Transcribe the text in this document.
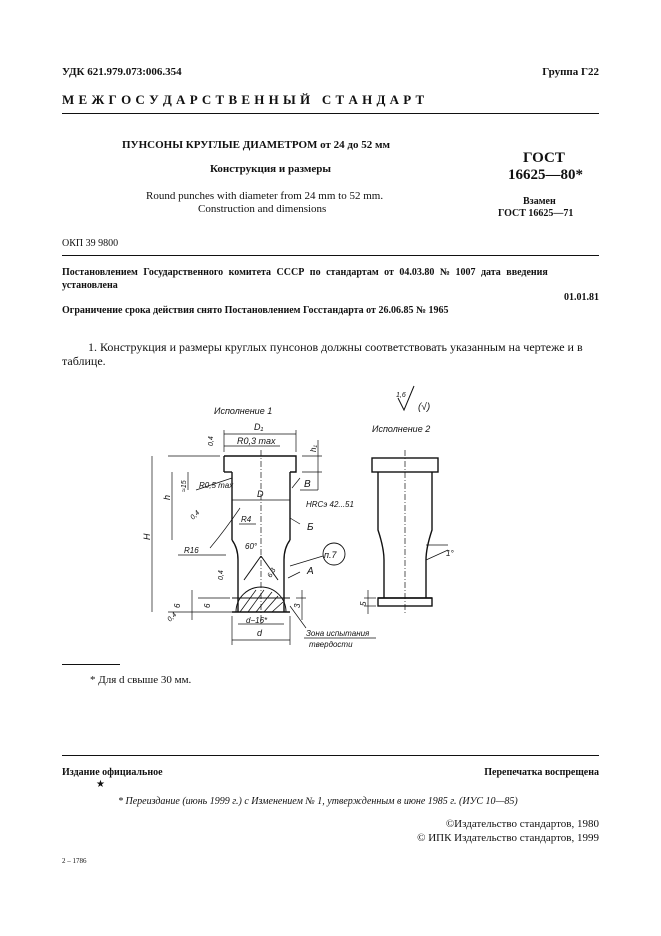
УДК 621.979.073:006.354	Группа Г22
М Е Ж Г О С У Д А Р С Т В Е Н Н Ы Й   С Т А Н Д А Р Т
ПУНСОНЫ КРУГЛЫЕ ДИАМЕТРОМ от 24 до 52 мм
Конструкция и размеры
Round punches with diameter from 24 mm to 52 mm.
Construction and dimensions
ГОСТ
16625—80*
Взамен
ГОСТ 16625—71
ОКП 39 9800
Постановлением Государственного комитета СССР по стандартам от 04.03.80 № 1007 дата введения
установлена
01.01.81
Ограничение срока действия снято Постановлением Госстандарта от 26.06.85 № 1965
1. Конструкция и размеры круглых пунсонов должны соответствовать указанным на чертеже и в
таблице.
Исполнение 1
D₁
R0,3 max
0,4
h₁
H
h
≈15 R0,5 max
0,4
R16
D
R4
60°
6,3
0,4
6	6	3
0,4	d−16*
d
В
HRCэ 42...51
Б
п.7
А
Зона испытания
твердости
1,6
(√)
Исполнение 2
1°
5
* Для d свыше 30 мм.
Издание официальное	Перепечатка воспрещена
★
* Переиздание (июнь 1999 г.) с Изменением № 1, утвержденным в июне 1985 г. (ИУС 10—85)
©Издательство стандартов, 1980
© ИПК Издательство стандартов, 1999
2 – 1786
